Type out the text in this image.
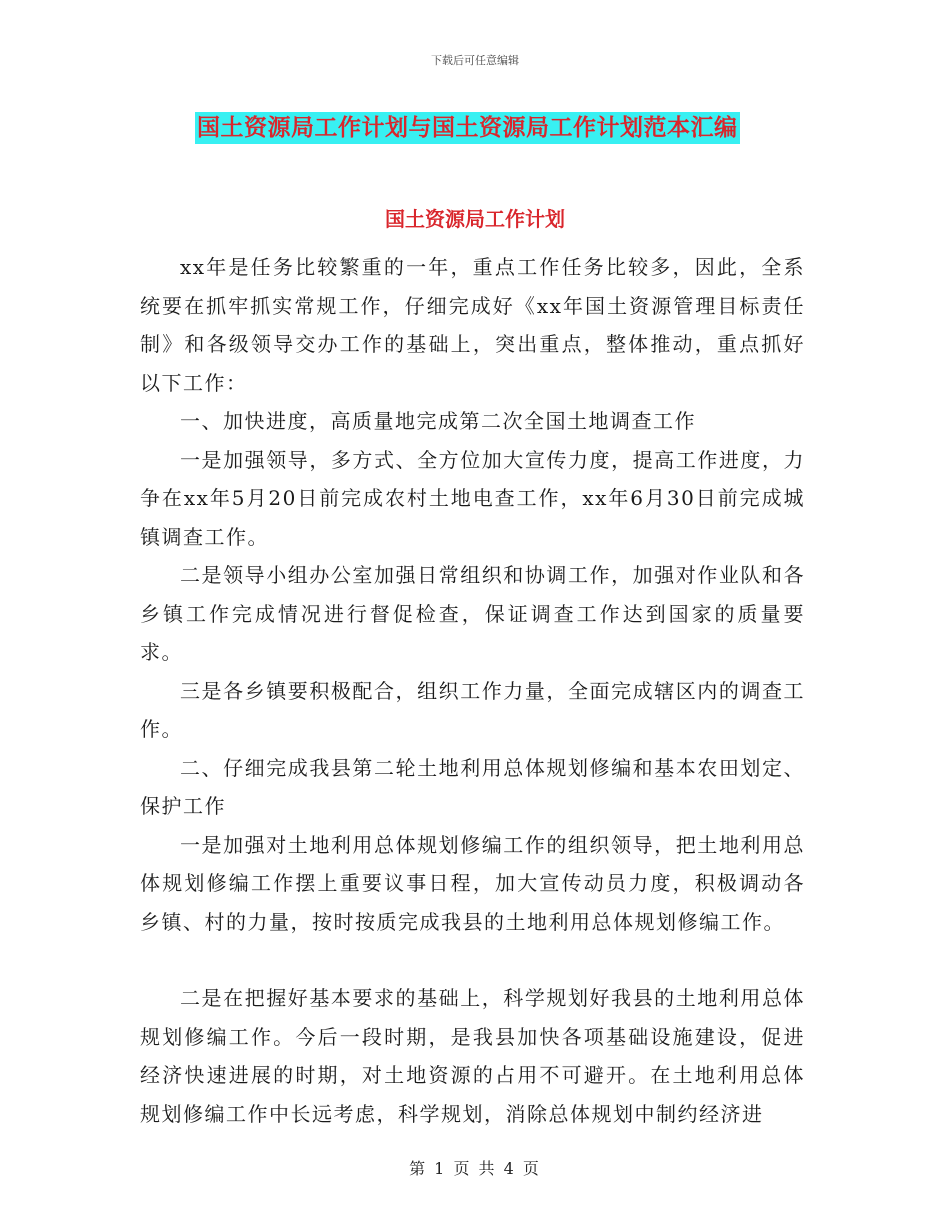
下载后可任意编辑
国土资源局工作计划与国土资源局工作计划范本汇编
国土资源局工作计划

xx年是任务比较繁重的一年，重点工作任务比较多，因此，全系统要在抓牢抓实常规工作，仔细完成好《xx年国土资源管理目标责任制》和各级领导交办工作的基础上，突出重点，整体推动，重点抓好以下工作：

一、加快进度，高质量地完成第二次全国土地调查工作

一是加强领导，多方式、全方位加大宣传力度，提高工作进度，力争在xx年5月20日前完成农村土地电查工作，xx年6月30日前完成城镇调查工作。

二是领导小组办公室加强日常组织和协调工作，加强对作业队和各乡镇工作完成情况进行督促检查，保证调查工作达到国家的质量要求。

三是各乡镇要积极配合，组织工作力量，全面完成辖区内的调查工作。

二、仔细完成我县第二轮土地利用总体规划修编和基本农田划定、保护工作

一是加强对土地利用总体规划修编工作的组织领导，把土地利用总体规划修编工作摆上重要议事日程，加大宣传动员力度，积极调动各乡镇、村的力量，按时按质完成我县的土地利用总体规划修编工作。

二是在把握好基本要求的基础上，科学规划好我县的土地利用总体规划修编工作。今后一段时期，是我县加快各项基础设施建设，促进经济快速进展的时期，对土地资源的占用不可避开。在土地利用总体规划修编工作中长远考虑，科学规划，消除总体规划中制约经济进

第 1 页 共 4 页
